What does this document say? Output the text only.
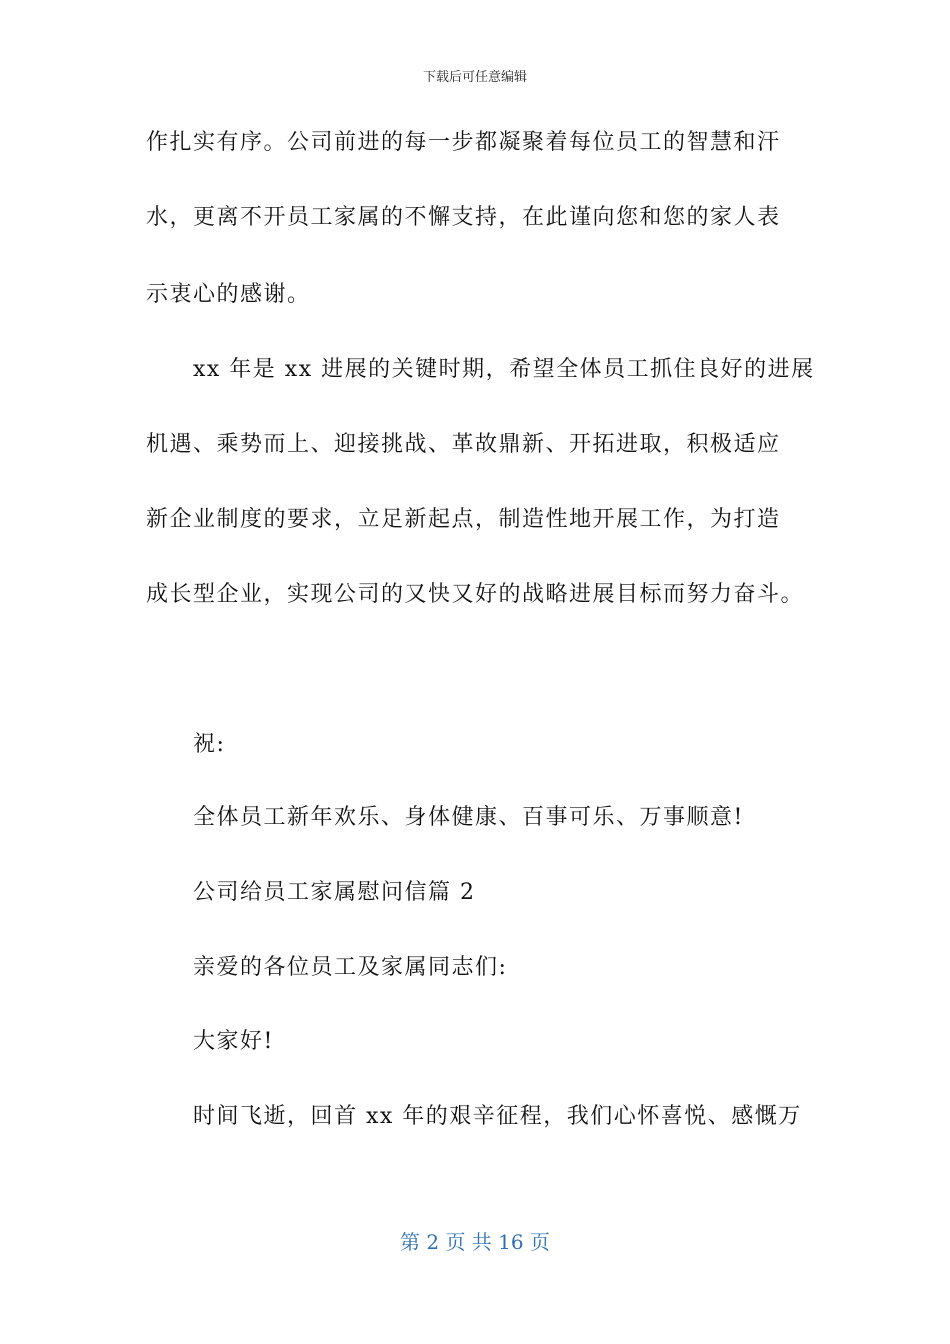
下载后可任意编辑
作扎实有序。公司前进的每一步都凝聚着每位员工的智慧和汗
水，更离不开员工家属的不懈支持，在此谨向您和您的家人表
示衷心的感谢。
xx 年是 xx 进展的关键时期，希望全体员工抓住良好的进展
机遇、乘势而上、迎接挑战、革故鼎新、开拓进取，积极适应
新企业制度的要求，立足新起点，制造性地开展工作，为打造
成长型企业，实现公司的又快又好的战略进展目标而努力奋斗。
祝:
全体员工新年欢乐、身体健康、百事可乐、万事顺意!
公司给员工家属慰问信篇 2
亲爱的各位员工及家属同志们:
大家好!
时间飞逝，回首 xx 年的艰辛征程，我们心怀喜悦、感慨万
第 2 页 共 16 页
